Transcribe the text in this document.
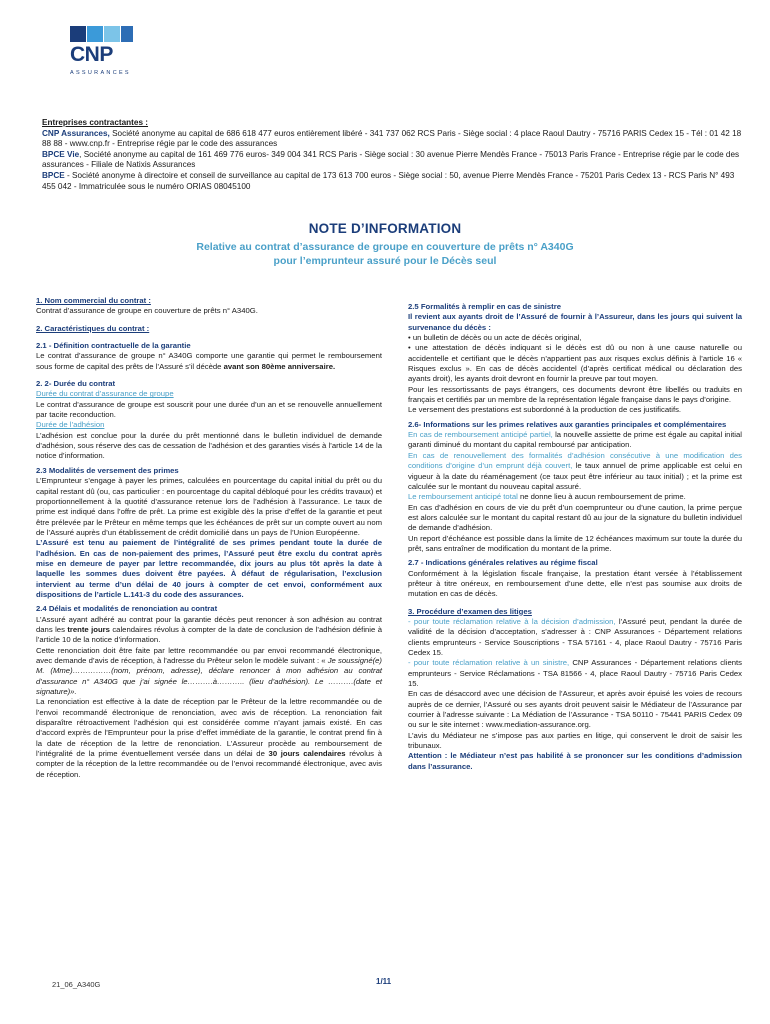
CNP
ASSURANCES

Entreprises contractantes :

CNP Assurances, Société anonyme au capital de 686 618 477 euros entièrement libéré - 341 737 062 RCS Paris - Siège social : 4 place Raoul Dautry - 75716 PARIS Cedex 15 - Tél : 01 42 18 88 88 - www.cnp.fr - Entreprise régie par le code des assurances

BPCE Vie, Société anonyme au capital de 161 469 776 euros- 349 004 341 RCS Paris - Siège social : 30 avenue Pierre Mendès France - 75013 Paris France - Entreprise régie par le code des assurances - Filiale de Natixis Assurances

BPCE - Société anonyme à directoire et conseil de surveillance au capital de 173 613 700 euros - Siège social : 50, avenue Pierre Mendès France - 75201 Paris Cedex 13 - RCS Paris N° 493 455 042 - Immatriculée sous le numéro ORIAS 08045100

NOTE D’INFORMATION

Relative au contrat d’assurance de groupe en couverture de prêts n° A340G
pour l’emprunteur assuré pour le Décès seul

1. Nom commercial du contrat :

Contrat d’assurance de groupe en couverture de prêts n° A340G.

2. Caractéristiques du contrat :

2.1 - Définition contractuelle de la garantie

Le contrat d’assurance de groupe n° A340G comporte une garantie qui permet le remboursement sous forme de capital des prêts de l’Assuré s’il décède avant son 80ème anniversaire.

2. 2- Durée du contrat

Durée du contrat d’assurance de groupe

Le contrat d’assurance de groupe est souscrit pour une durée d’un an et se renouvelle annuellement par tacite reconduction.

Durée de l’adhésion

L’adhésion est conclue pour la durée du prêt mentionné dans le bulletin individuel de demande d’adhésion, sous réserve des cas de cessation de l’adhésion et des garanties visés à l’article 14 de la notice d’information.

2.3 Modalités de versement des primes

L’Emprunteur s’engage à payer les primes, calculées en pourcentage du capital initial du prêt ou du capital restant dû (ou, cas particulier : en pourcentage du capital débloqué pour les crédits travaux) et proportionnellement à la quotité d’assurance retenue lors de l’adhésion à l’assurance. Le taux de prime est indiqué dans l’offre de prêt. La prime est exigible dès la prise d’effet de la garantie et peut être prélevée par le Prêteur en même temps que les échéances de prêt sur un compte ouvert au nom de l’Assuré auprès d’un établissement de crédit domicilié dans un pays de l’Union Européenne.

L’Assuré est tenu au paiement de l’intégralité de ses primes pendant toute la durée de l’adhésion. En cas de non-paiement des primes, l’Assuré peut être exclu du contrat après mise en demeure de payer par lettre recommandée, dix jours au plus tôt après la date à laquelle les sommes dues doivent être payées. À défaut de régularisation, l’exclusion intervient au terme d’un délai de 40 jours à compter de cet envoi, conformément aux dispositions de l’article L.141-3 du code des assurances.

2.4 Délais et modalités de renonciation au contrat

L’Assuré ayant adhéré au contrat pour la garantie décès peut renoncer à son adhésion au contrat dans les trente jours calendaires révolus à compter de la date de conclusion de l’adhésion définie à l’article 10 de la notice d’information.

Cette renonciation doit être faite par lettre recommandée ou par envoi recommandé électronique, avec demande d’avis de réception, à l’adresse du Prêteur selon le modèle suivant : « Je soussigné(e) M. (Mme)……………(nom, prénom, adresse), déclare renoncer à mon adhésion au contrat d’assurance n° A340G que j’ai signée le……….à……….. (lieu d’adhésion). Le ……….(date et signature)».

La renonciation est effective à la date de réception par le Prêteur de la lettre recommandée ou de l’envoi recommandé électronique de renonciation, avec avis de réception. La renonciation fait disparaître rétroactivement l’adhésion qui est considérée comme n’ayant jamais existé. En cas d’accord exprès de l’Emprunteur pour la prise d’effet immédiate de la garantie, le contrat prend fin à la date de réception de la lettre de renonciation. L’Assureur procède au remboursement de l’intégralité de la prime éventuellement versée dans un délai de 30 jours calendaires révolus à compter de la réception de la lettre recommandée ou de l’envoi recommandé électronique, avec avis de réception.

2.5 Formalités à remplir en cas de sinistre

Il revient aux ayants droit de l’Assuré de fournir à l’Assureur, dans les jours qui suivent la survenance du décès :

• un bulletin de décès ou un acte de décès original,

• une attestation de décès indiquant si le décès est dû ou non à une cause naturelle ou accidentelle et certifiant que le décès n’appartient pas aux risques exclus définis à l’article 16 « Risques exclus ». En cas de décès accidentel (d’après certificat médical ou déclaration des ayants droit), les ayants droit devront en fournir la preuve par tout moyen.

Pour les ressortissants de pays étrangers, ces documents devront être libellés ou traduits en français et certifiés par un membre de la représentation légale française dans le pays d’origine.

Le versement des prestations est subordonné à la production de ces justificatifs.

2.6- Informations sur les primes relatives aux garanties principales et complémentaires

En cas de remboursement anticipé partiel, la nouvelle assiette de prime est égale au capital initial garanti diminué du montant du capital remboursé par anticipation.

En cas de renouvellement des formalités d’adhésion consécutive à une modification des conditions d’origine d’un emprunt déjà couvert, le taux annuel de prime applicable est celui en vigueur à la date du réaménagement (ce taux peut être inférieur au taux initial) ; et la prime est calculée sur le montant du nouveau capital assuré.

Le remboursement anticipé total ne donne lieu à aucun remboursement de prime.

En cas d’adhésion en cours de vie du prêt d’un coemprunteur ou d’une caution, la prime perçue est alors calculée sur le montant du capital restant dû au jour de la signature du bulletin individuel de demande d’adhésion.

Un report d’échéance est possible dans la limite de 12 échéances maximum sur toute la durée du prêt, sans entraîner de modification du montant de la prime.

2.7 - Indications générales relatives au régime fiscal

Conformément à la législation fiscale française, la prestation étant versée à l’établissement prêteur à titre onéreux, en remboursement d’une dette, elle n’est pas soumise aux droits de mutation en cas de décès.

3. Procédure d’examen des litiges

- pour toute réclamation relative à la décision d’admission, l’Assuré peut, pendant la durée de validité de la décision d’acceptation, s’adresser à : CNP Assurances - Département relations clients emprunteurs - Service Souscriptions - TSA 57161 - 4, place Raoul Dautry - 75716 Paris Cedex 15.

- pour toute réclamation relative à un sinistre, CNP Assurances - Département relations clients emprunteurs - Service Réclamations - TSA 81566 - 4, place Raoul Dautry - 75716 Paris Cedex 15.

En cas de désaccord avec une décision de l’Assureur, et après avoir épuisé les voies de recours auprès de ce dernier, l’Assuré ou ses ayants droit peuvent saisir le Médiateur de l’Assurance par courrier à l’adresse suivante : La Médiation de l’Assurance - TSA 50110 - 75441 PARIS Cedex 09 ou sur le site internet : www.mediation-assurance.org.

L’avis du Médiateur ne s’impose pas aux parties en litige, qui conservent le droit de saisir les tribunaux.

Attention : le Médiateur n’est pas habilité à se prononcer sur les conditions d’admission dans l’assurance.

21_06_A340G	1/11
